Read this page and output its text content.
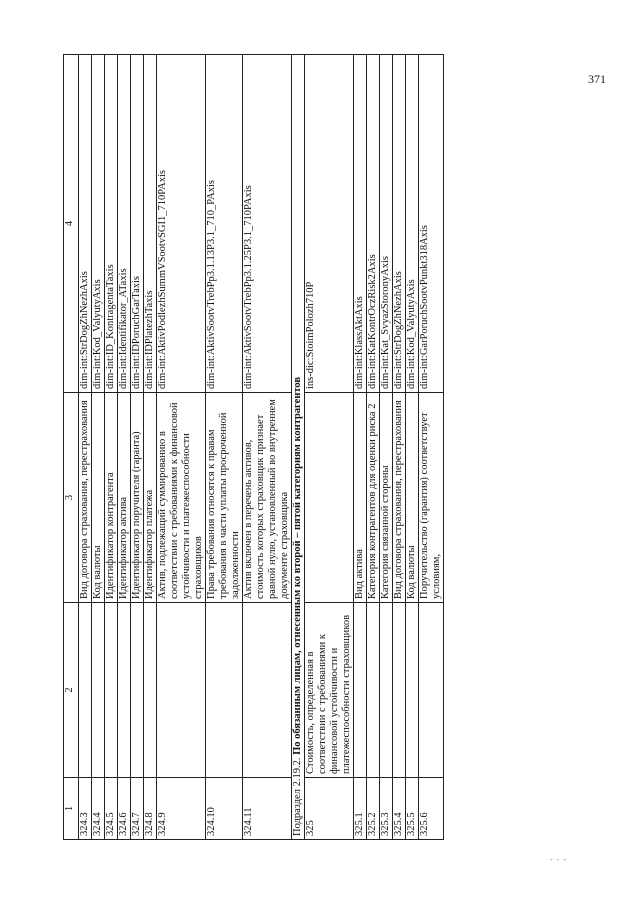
371
- - -
1	2	3	4
324.3		Вид договора страхования, перестрахования	dim-int:StrDogZhNezhAxis
324.4		Код валюты	dim-int:Kod_ValyutyAxis
324.5		Идентификатор контрагента	dim-int:ID_KontragentaTaxis
324.6		Идентификатор актива	dim-int:Identifikator_ATaxis
324.7		Идентификатор поручителя (гаранта)	dim-int:IDPoruchGarTaxis
324.8		Идентификатор платежа	dim-int:IDPlatezhTaxis
324.9		Актив, подлежащий суммированию в соответствии с требованиями к финансовой устойчивости и платежеспособности страховщиков	dim-int:AktivPodlezhSummVSootvSGI1_710PAxis
324.10		Права требования относятся к правам требования в части уплаты просроченной задолженности	dim-int:AktivSootvTrebPp3.1.13P3.1_710_PAxis
324.11		Актив включен в перечень активов, стоимость которых страховщик признает равной нулю, установленный во внутреннем документе страховщика	dim-int:AktivSootvTrebPp3.1.25P3.1_710PAxis
Подраздел 2.19.2. По обязанным лицам, отнесенным ко второй – пятой категориям контрагентов			
325	Стоимость, определенная в соответствии с требованиями к финансовой устойчивости и платежеспособности страховщиков		ins-dic:StoimPolozh710P
325.1		Вид актива	dim-int:KlassAktAxis
325.2		Категория контрагентов для оценки риска 2	dim-int:KatKontrOczRisk2Axis
325.3		Категория связанной стороны	dim-int:Kat_SvyazStoronyAxis
325.4		Вид договора страхования, перестрахования	dim-int:StrDogZhNezhAxis
325.5		Код валюты	dim-int:Kod_ValyutyAxis
325.6		Поручительство (гарантия) соответствует условиям,	dim-int:GarPoruchSootvPunkt318Axis
